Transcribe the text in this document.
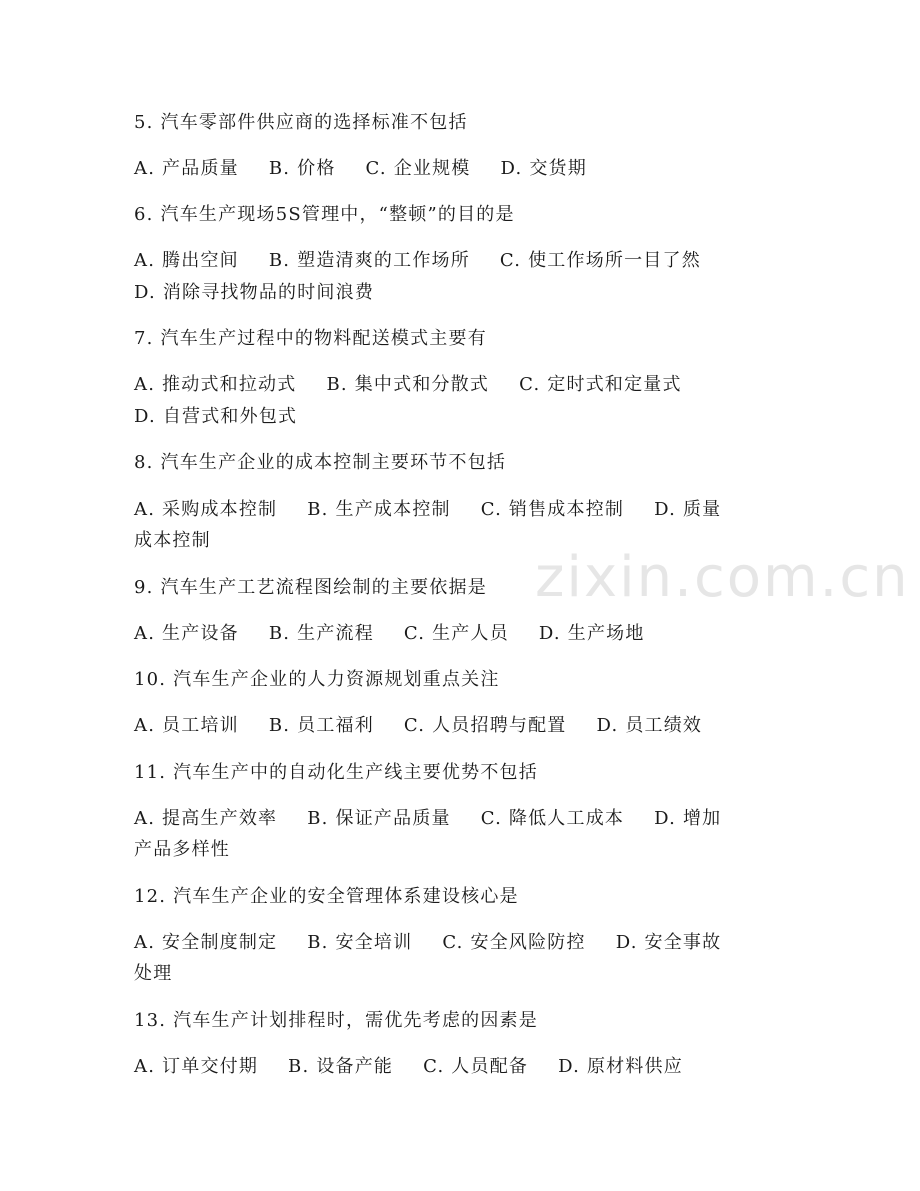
zixin.com.cn
5. 汽车零部件供应商的选择标准不包括
A. 产品质量 B. 价格 C. 企业规模 D. 交货期
6. 汽车生产现场5S管理中，“整顿”的目的是
A. 腾出空间 B. 塑造清爽的工作场所 C. 使工作场所一目了然
D. 消除寻找物品的时间浪费
7. 汽车生产过程中的物料配送模式主要有
A. 推动式和拉动式 B. 集中式和分散式 C. 定时式和定量式
D. 自营式和外包式
8. 汽车生产企业的成本控制主要环节不包括
A. 采购成本控制 B. 生产成本控制 C. 销售成本控制 D. 质量
成本控制
9. 汽车生产工艺流程图绘制的主要依据是
A. 生产设备 B. 生产流程 C. 生产人员 D. 生产场地
10. 汽车生产企业的人力资源规划重点关注
A. 员工培训 B. 员工福利 C. 人员招聘与配置 D. 员工绩效
11. 汽车生产中的自动化生产线主要优势不包括
A. 提高生产效率 B. 保证产品质量 C. 降低人工成本 D. 增加
产品多样性
12. 汽车生产企业的安全管理体系建设核心是
A. 安全制度制定 B. 安全培训 C. 安全风险防控 D. 安全事故
处理
13. 汽车生产计划排程时，需优先考虑的因素是
A. 订单交付期 B. 设备产能 C. 人员配备 D. 原材料供应
